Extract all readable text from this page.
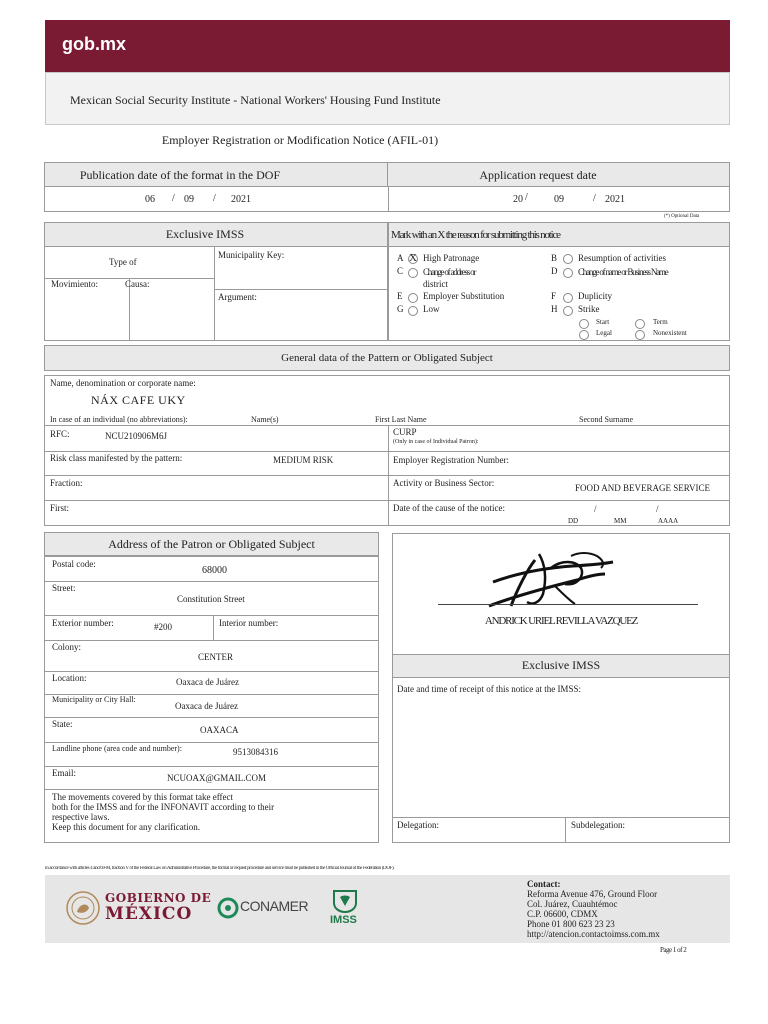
gob.mx
Mexican Social Security Institute - National Workers' Housing Fund Institute
Employer Registration or Modification Notice (AFIL-01)
Publication date of the format in the DOF	Application request date
06 / 09 / 2021	20 /	09	/ 2021
(*) Optional Data
Exclusive IMSS
Type of
Movimiento:	Causa:
Municipality Key:
Argument:
Mark with an X the reason for submitting this notice
A X High Patronage	B Resumption of activities
C Change of address or
district
D Change of name or Business Name
E Employer Substitution	F Duplicity
G Low	H Strike
Start	Term
Legal	Nonexistent
General data of the Pattern or Obligated Subject
Name, denomination or corporate name:
NÁX CAFE UKY
In case of an individual (no abbreviations):	Name(s)	First Last Name	Second Surname
RFC:	NCU210906M6J	CURP
(Only in case of Individual Patron):
Risk class manifested by the pattern:	MEDIUM RISK	Employer Registration Number:
Fraction:	Activity or Business Sector:	FOOD AND BEVERAGE SERVICE
First:	Date of the cause of the notice:	/	/
DD	MM	AAAA
Address of the Patron or Obligated Subject
Postal code:
68000
Street:
Constitution Street
Exterior number:	#200	Interior number:
Colony:
CENTER
Location:	Oaxaca de Juárez
Municipality or City Hall:
Oaxaca de Juárez
State:
OAXACA
Landline phone (area code and number):	9513084316
Email:	NCUOAX@GMAIL.COM
The movements covered by this format take effect
both for the IMSS and for the INFONAVIT according to their
respective laws.
Keep this document for any clarification.
ANDRICK URIEL REVILLA VAZQUEZ
Exclusive IMSS
Date and time of receipt of this notice at the IMSS:
Delegation:	Subdelegation:
In accordance with articles 4 and 69-M, fraction V of the Federal Law on Administrative Procedure, the format or request procedure and service must be published in the Official Journal of the Federation (DOF).
GOBIERNO DE
MÉXICO	CONAMER
IMSS
Contact:
Reforma Avenue 476, Ground Floor
Col. Juárez, Cuauhtémoc
C.P. 06600, CDMX
Phone 01 800 623 23 23
http://atencion.contactoimss.com.mx
Page 1 of 2
